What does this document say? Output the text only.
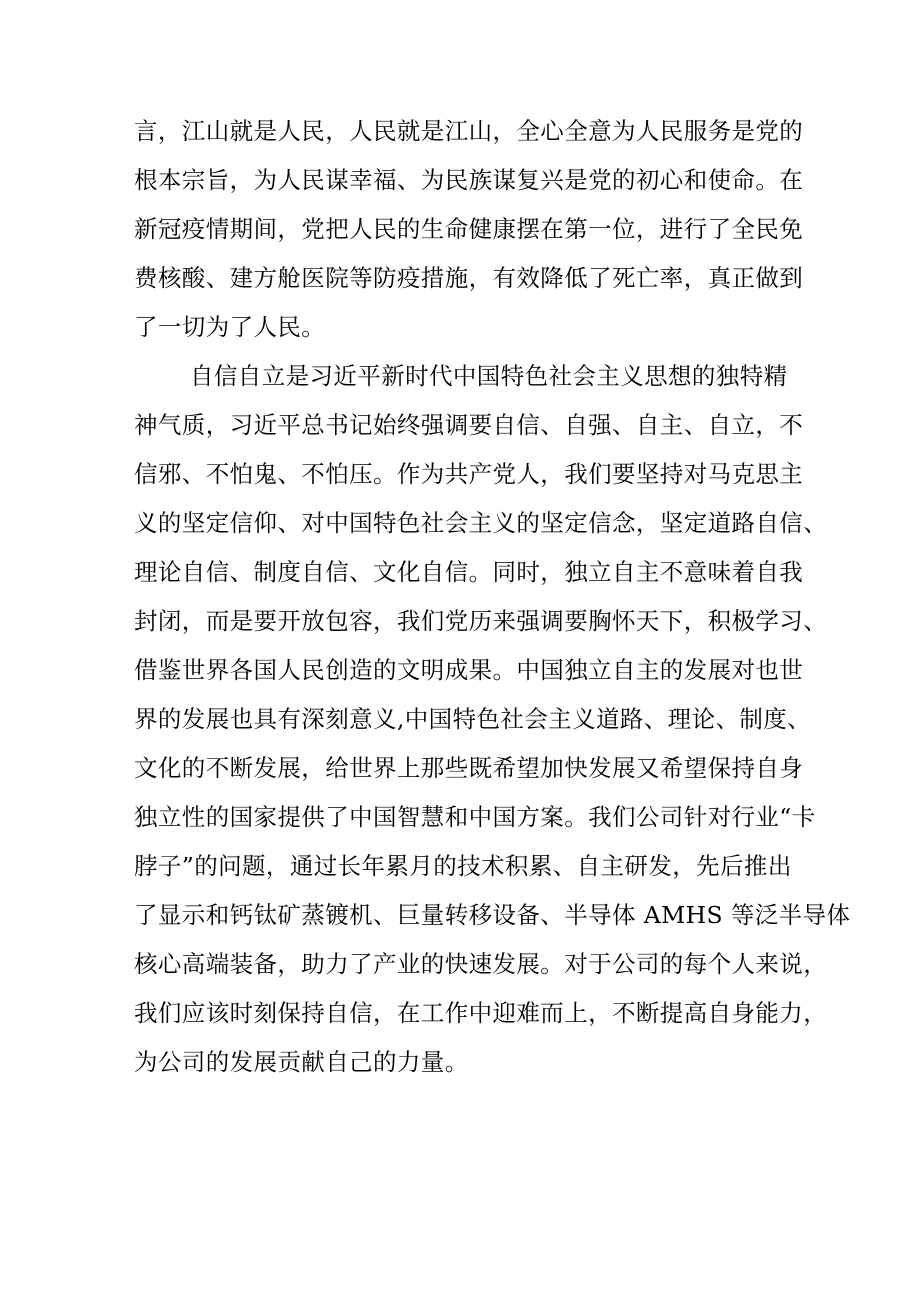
言，江山就是人民，人民就是江山，全心全意为人民服务是党的
根本宗旨，为人民谋幸福、为民族谋复兴是党的初心和使命。在
新冠疫情期间，党把人民的生命健康摆在第一位，进行了全民免
费核酸、建方舱医院等防疫措施，有效降低了死亡率，真正做到
了一切为了人民。
自信自立是习近平新时代中国特色社会主义思想的独特精
神气质，习近平总书记始终强调要自信、自强、自主、自立，不
信邪、不怕鬼、不怕压。作为共产党人，我们要坚持对马克思主
义的坚定信仰、对中国特色社会主义的坚定信念，坚定道路自信、
理论自信、制度自信、文化自信。同时，独立自主不意味着自我
封闭，而是要开放包容，我们党历来强调要胸怀天下，积极学习、
借鉴世界各国人民创造的文明成果。中国独立自主的发展对也世
界的发展也具有深刻意义,中国特色社会主义道路、理论、制度、
文化的不断发展，给世界上那些既希望加快发展又希望保持自身
独立性的国家提供了中国智慧和中国方案。我们公司针对行业“卡
脖子”的问题，通过长年累月的技术积累、自主研发，先后推出
了显示和钙钛矿蒸镀机、巨量转移设备、半导体 AMHS 等泛半导体
核心高端装备，助力了产业的快速发展。对于公司的每个人来说，
我们应该时刻保持自信，在工作中迎难而上，不断提高自身能力，
为公司的发展贡献自己的力量。
